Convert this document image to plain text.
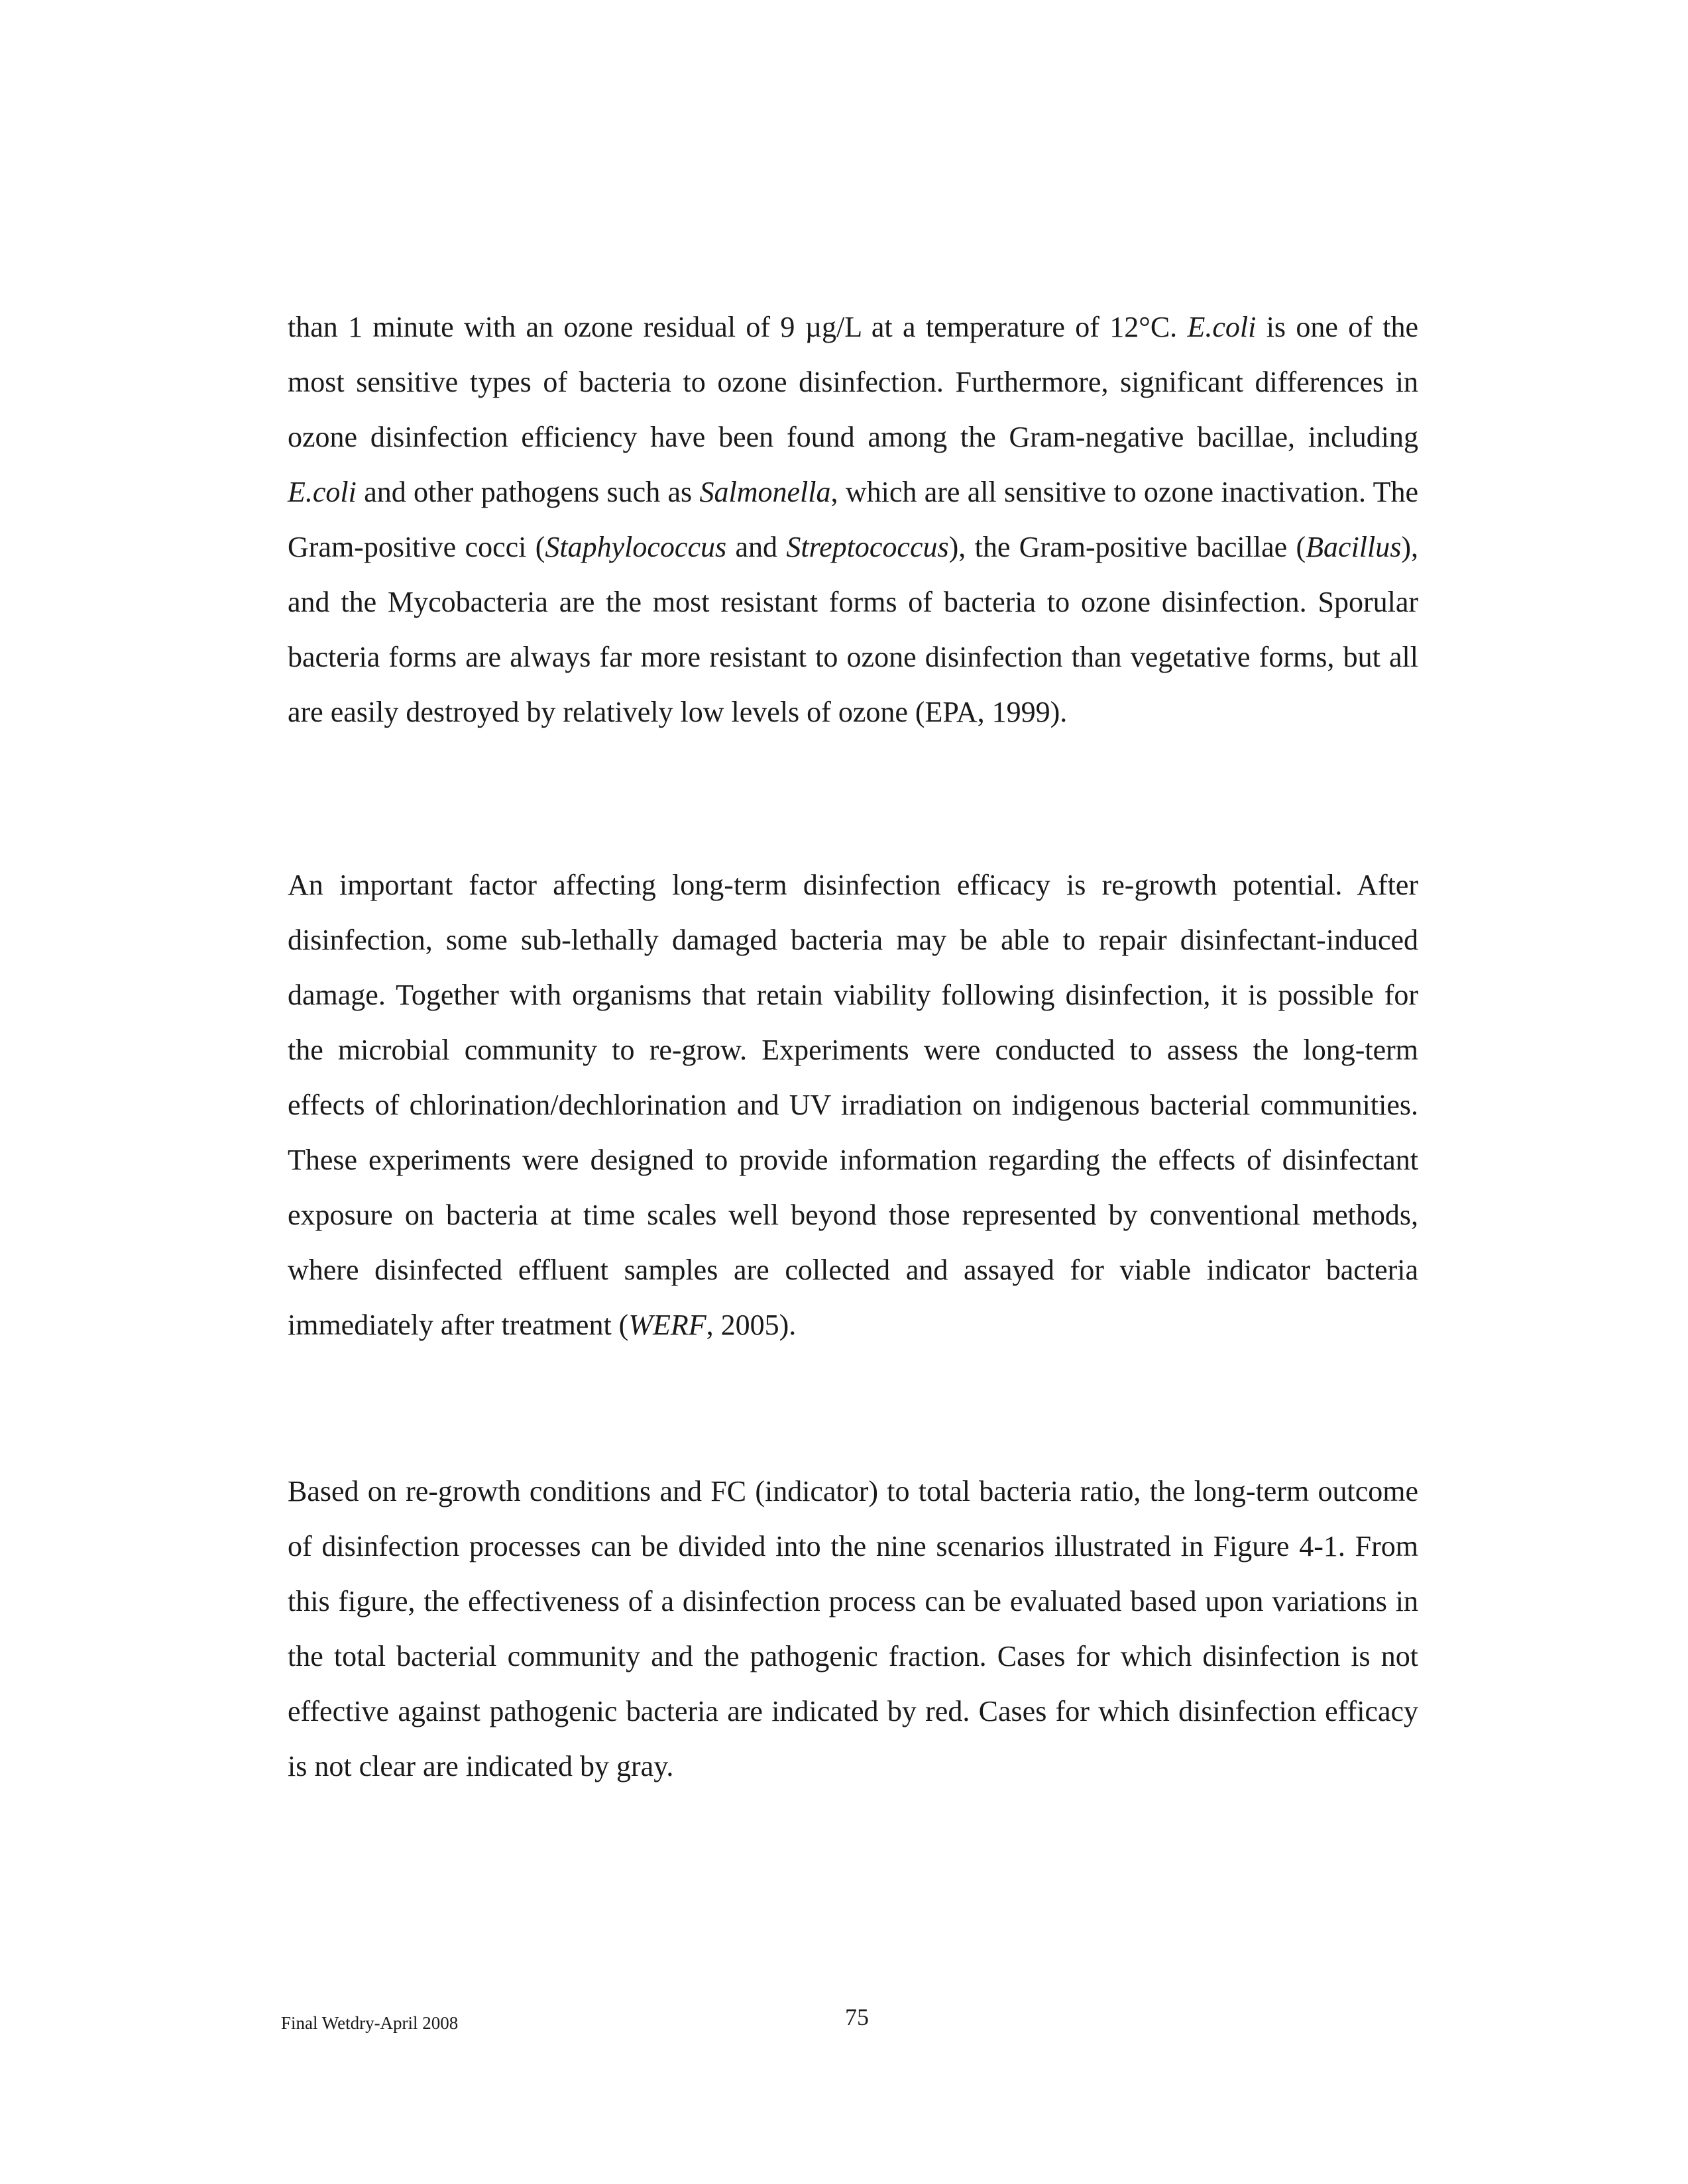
than 1 minute with an ozone residual of 9 µg/L at a temperature of 12°C. E.coli is one of the most sensitive types of bacteria to ozone disinfection. Furthermore, significant differences in ozone disinfection efficiency have been found among the Gram-negative bacillae, including E.coli and other pathogens such as Salmonella, which are all sensitive to ozone inactivation. The Gram-positive cocci (Staphylococcus and Streptococcus), the Gram-positive bacillae (Bacillus), and the Mycobacteria are the most resistant forms of bacteria to ozone disinfection. Sporular bacteria forms are always far more resistant to ozone disinfection than vegetative forms, but all are easily destroyed by relatively low levels of ozone (EPA, 1999).

An important factor affecting long-term disinfection efficacy is re-growth potential. After disinfection, some sub-lethally damaged bacteria may be able to repair disinfectant-induced damage. Together with organisms that retain viability following disinfection, it is possible for the microbial community to re-grow. Experiments were conducted to assess the long-term effects of chlorination/dechlorination and UV irradiation on indigenous bacterial communities. These experiments were designed to provide information regarding the effects of disinfectant exposure on bacteria at time scales well beyond those represented by conventional methods, where disinfected effluent samples are collected and assayed for viable indicator bacteria immediately after treatment (WERF, 2005).

Based on re-growth conditions and FC (indicator) to total bacteria ratio, the long-term outcome of disinfection processes can be divided into the nine scenarios illustrated in Figure 4-1. From this figure, the effectiveness of a disinfection process can be evaluated based upon variations in the total bacterial community and the pathogenic fraction. Cases for which disinfection is not effective against pathogenic bacteria are indicated by red. Cases for which disinfection efficacy is not clear are indicated by gray.

Final Wetdry-April 2008	75
